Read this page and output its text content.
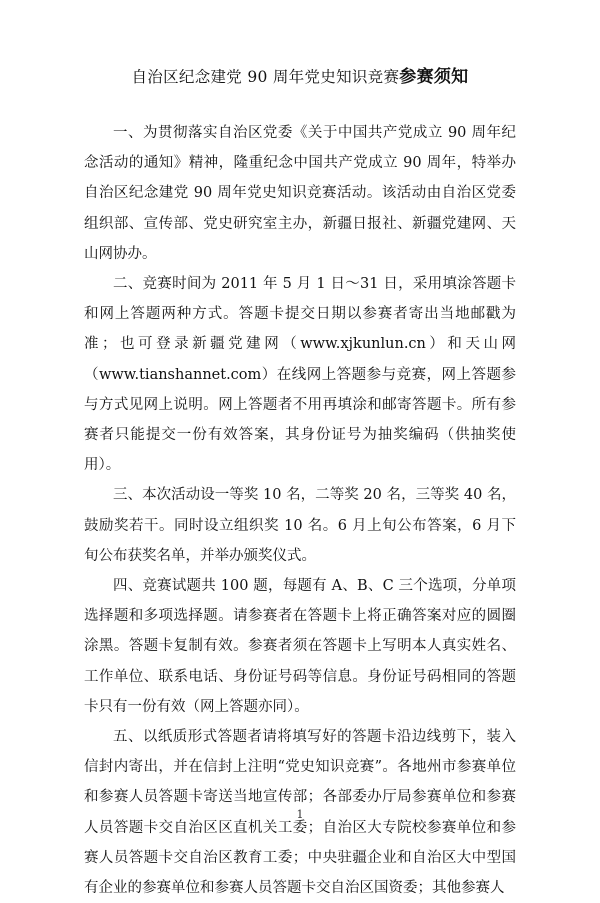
自治区纪念建党 90 周年党史知识竞赛参赛须知

一、为贯彻落实自治区党委《关于中国共产党成立 90 周年纪念活动的通知》精神，隆重纪念中国共产党成立 90 周年，特举办自治区纪念建党 90 周年党史知识竞赛活动。该活动由自治区党委组织部、宣传部、党史研究室主办，新疆日报社、新疆党建网、天山网协办。

二、竞赛时间为 2011 年 5 月 1 日～31 日，采用填涂答题卡和网上答题两种方式。答题卡提交日期以参赛者寄出当地邮戳为准；也可登录新疆党建网（www.xjkunlun.cn）和天山网（www.tianshannet.com）在线网上答题参与竞赛，网上答题参与方式见网上说明。网上答题者不用再填涂和邮寄答题卡。所有参赛者只能提交一份有效答案，其身份证号为抽奖编码（供抽奖使用）。

三、本次活动设一等奖 10 名，二等奖 20 名，三等奖 40 名，鼓励奖若干。同时设立组织奖 10 名。6 月上旬公布答案，6 月下旬公布获奖名单，并举办颁奖仪式。

四、竞赛试题共 100 题，每题有 A、B、C 三个选项，分单项选择题和多项选择题。请参赛者在答题卡上将正确答案对应的圆圈涂黑。答题卡复制有效。参赛者须在答题卡上写明本人真实姓名、工作单位、联系电话、身份证号码等信息。身份证号码相同的答题卡只有一份有效（网上答题亦同）。

五、以纸质形式答题者请将填写好的答题卡沿边线剪下，装入信封内寄出，并在信封上注明“党史知识竞赛”。各地州市参赛单位和参赛人员答题卡寄送当地宣传部；各部委办厅局参赛单位和参赛人员答题卡交自治区区直机关工委；自治区大专院校参赛单位和参赛人员答题卡交自治区教育工委；中央驻疆企业和自治区大中型国有企业的参赛单位和参赛人员答题卡交自治区国资委；其他参赛人

1
